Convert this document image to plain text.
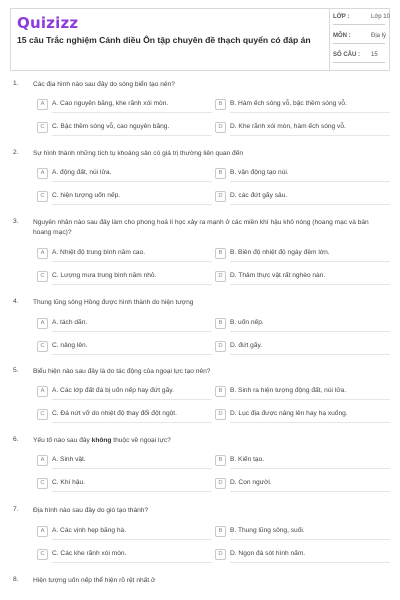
Quizizz
15 câu Trắc nghiệm Cánh diều Ôn tập chuyên đề thạch quyển có đáp án
LỚP :	Lớp 10
MÔN :	Địa lý
SỐ CÂU : 15
1. Các địa hình nào sau đây do sóng biển tạo nên?
A	A. Cao nguyên băng, khe rãnh xói mòn.	B	B. Hàm ếch sóng vỗ, bậc thềm sóng vỗ.
C	C. Bậc thềm sóng vỗ, cao nguyên băng.	D	D. Khe rãnh xói mòn, hàm ếch sóng vỗ.
2. Sự hình thành những tích tụ khoáng sản có giá trị thường liên quan đến
A	A. động đất, núi lửa.	B	B. vận động tạo núi.
C	C. hiện tượng uốn nếp.	D	D. các đứt gãy sâu.
3. Nguyên nhân nào sau đây làm cho phong hoá lí học xảy ra mạnh ở các miền khí hậu khô nóng (hoang mạc và bán hoang mạc)?
A	A. Nhiệt độ trung bình năm cao.	B	B. Biên độ nhiệt độ ngày đêm lớn.
C	C. Lượng mưa trung bình năm nhỏ.	D	D. Thảm thực vật rất nghèo nàn.
4. Thung lũng sông Hồng được hình thành do hiện tượng
A	A. tách dãn.	B	B. uốn nếp.
C	C. nâng lên.	D	D. đứt gãy.
5. Biểu hiện nào sau đây là do tác động của ngoại lực tạo nên?
A	A. Các lớp đất đá bị uốn nếp hay đứt gãy.	B	B. Sinh ra hiện tượng động đất, núi lửa.
C	C. Đá nứt vỡ do nhiệt độ thay đổi đột ngột.	D	D. Lục địa được nâng lên hay hạ xuống.
6. Yếu tố nào sau đây không thuộc về ngoại lực?
A	A. Sinh vật.	B	B. Kiến tạo.
C	C. Khí hậu.	D	D. Con người.
7. Địa hình nào sau đây do gió tạo thành?
A	A. Các vịnh hẹp băng hà.	B	B. Thung lũng sông, suối.
C	C. Các khe rãnh xói mòn.	D	D. Ngọn đá sót hình nấm.
8. Hiện tượng uốn nếp thể hiện rõ rệt nhất ở
